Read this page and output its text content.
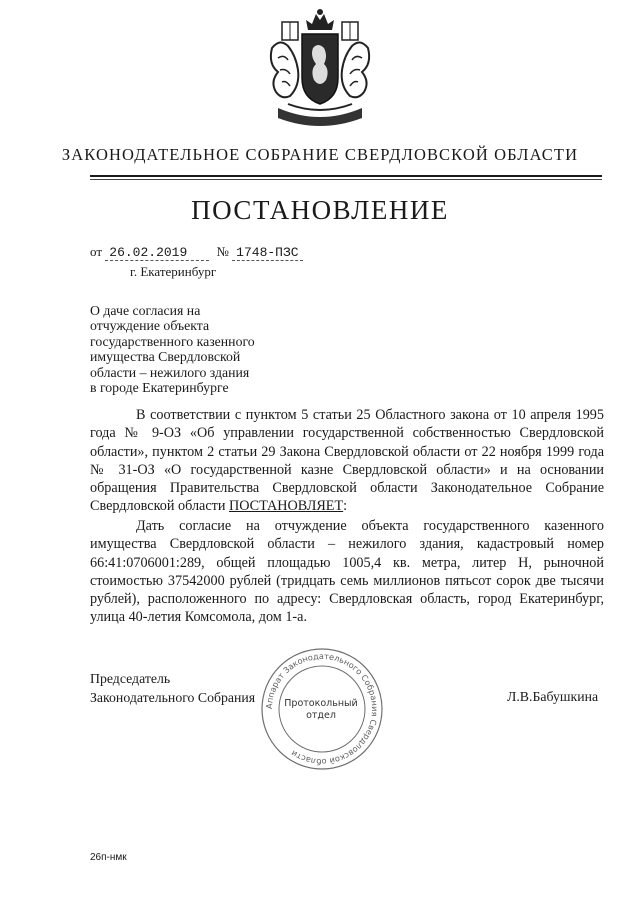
ЗАКОНОДАТЕЛЬНОЕ СОБРАНИЕ СВЕРДЛОВСКОЙ ОБЛАСТИ
ПОСТАНОВЛЕНИЕ
от 26.02.2019 № 1748-ПЗС
г. Екатеринбург
О даче согласия на
отчуждение объекта
государственного казенного
имущества Свердловской
области – нежилого здания
в городе Екатеринбурге
В соответствии с пунктом 5 статьи 25 Областного закона от 10 апреля 1995 года № 9-ОЗ «Об управлении государственной собственностью Свердловской области», пунктом 2 статьи 29 Закона Свердловской области от 22 ноября 1999 года № 31-ОЗ «О государственной казне Свердловской области» и на основании обращения Правительства Свердловской области Законодательное Собрание Свердловской области ПОСТАНОВЛЯЕТ:
Дать согласие на отчуждение объекта государственного казенного имущества Свердловской области – нежилого здания, кадастровый номер 66:41:0706001:289, общей площадью 1005,4 кв. метра, литер Н, рыночной стоимостью 37542000 рублей (тридцать семь миллионов пятьсот сорок две тысячи рублей), расположенного по адресу: Свердловская область, город Екатеринбург, улица 40-летия Комсомола, дом 1-а.
Председатель
Законодательного Собрания	Л.В.Бабушкина
Аппарат Законодательного Собрания Свердловской области
Протокольный
отдел
26п-нмк
